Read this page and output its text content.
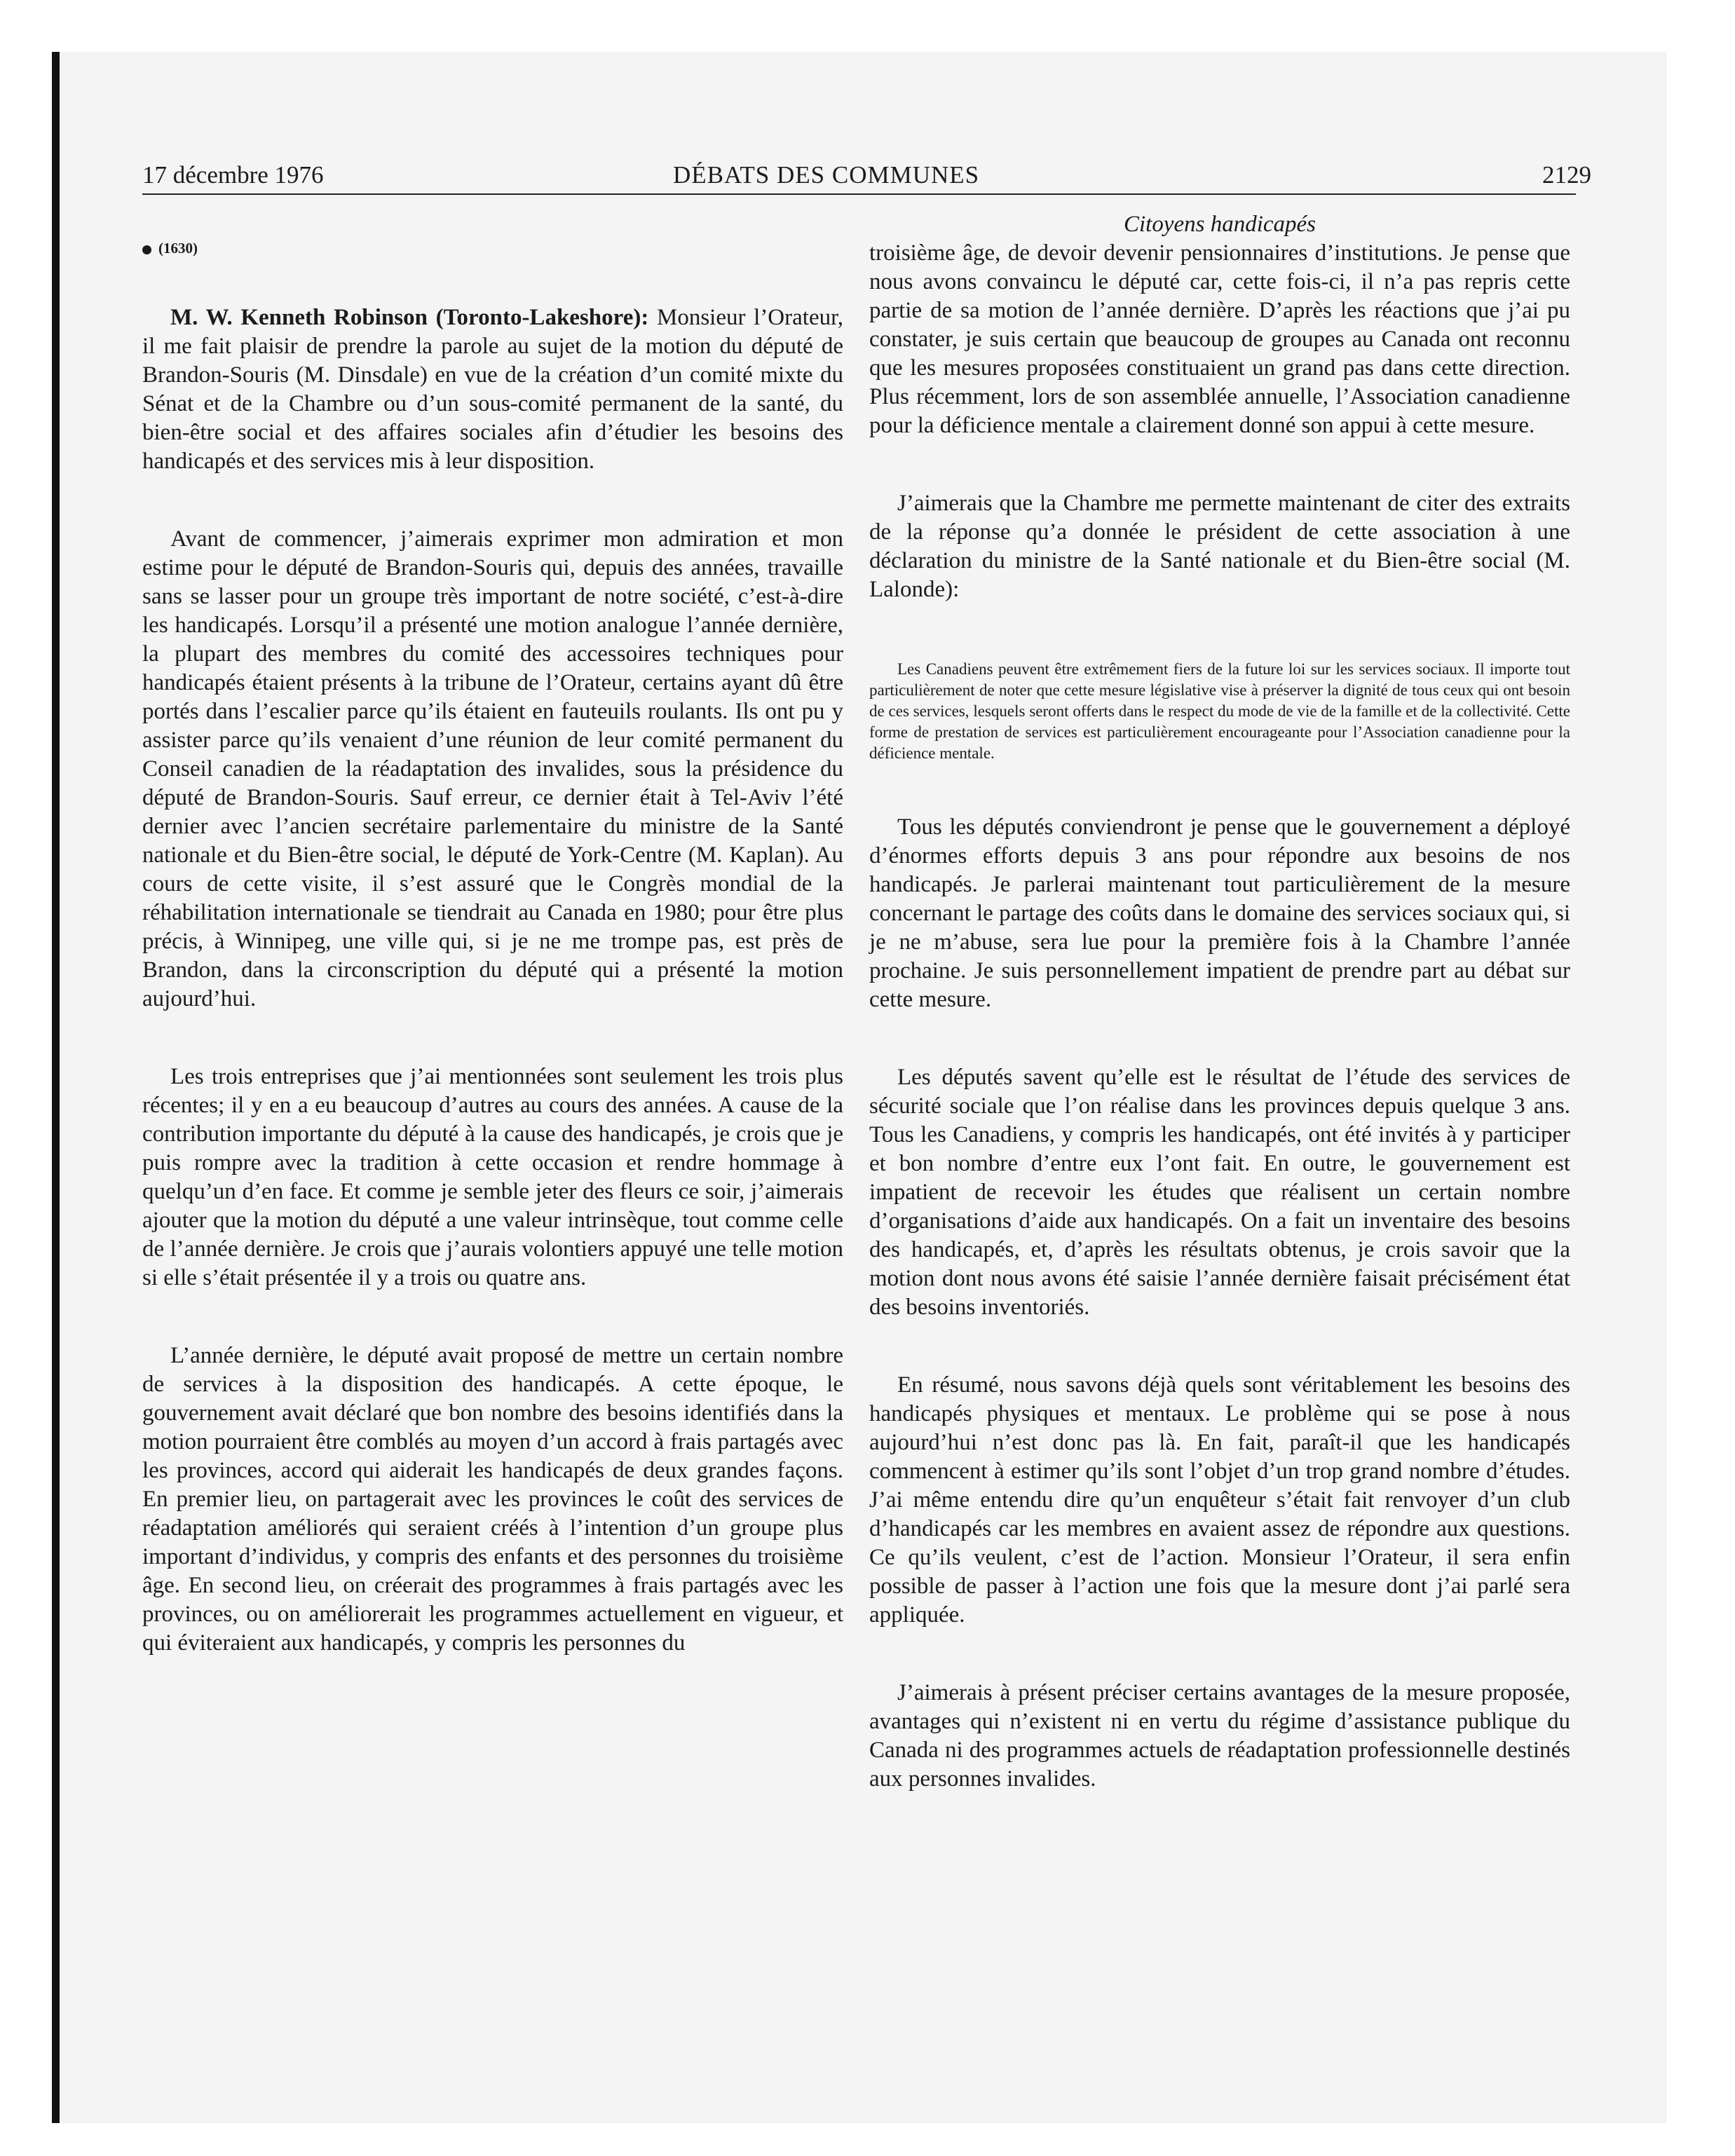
17 décembre 1976	DÉBATS DES COMMUNES	2129
(1630)

M. W. Kenneth Robinson (Toronto-Lakeshore): Monsieur l’Orateur, il me fait plaisir de prendre la parole au sujet de la motion du député de Brandon-Souris (M. Dinsdale) en vue de la création d’un comité mixte du Sénat et de la Chambre ou d’un sous-comité permanent de la santé, du bien-être social et des affaires sociales afin d’étudier les besoins des handicapés et des services mis à leur disposition.

Avant de commencer, j’aimerais exprimer mon admiration et mon estime pour le député de Brandon-Souris qui, depuis des années, travaille sans se lasser pour un groupe très important de notre société, c’est-à-dire les handicapés. Lorsqu’il a présenté une motion analogue l’année dernière, la plupart des membres du comité des accessoires techniques pour handicapés étaient présents à la tribune de l’Orateur, certains ayant dû être portés dans l’escalier parce qu’ils étaient en fauteuils roulants. Ils ont pu y assister parce qu’ils venaient d’une réunion de leur comité permanent du Conseil canadien de la réadaptation des invalides, sous la présidence du député de Brandon-Souris. Sauf erreur, ce dernier était à Tel-Aviv l’été dernier avec l’ancien secrétaire parlementaire du ministre de la Santé nationale et du Bien-être social, le député de York-Centre (M. Kaplan). Au cours de cette visite, il s’est assuré que le Congrès mondial de la réhabilitation internationale se tiendrait au Canada en 1980; pour être plus précis, à Winnipeg, une ville qui, si je ne me trompe pas, est près de Brandon, dans la circonscription du député qui a présenté la motion aujourd’hui.

Les trois entreprises que j’ai mentionnées sont seulement les trois plus récentes; il y en a eu beaucoup d’autres au cours des années. A cause de la contribution importante du député à la cause des handicapés, je crois que je puis rompre avec la tradition à cette occasion et rendre hommage à quelqu’un d’en face. Et comme je semble jeter des fleurs ce soir, j’aimerais ajouter que la motion du député a une valeur intrinsèque, tout comme celle de l’année dernière. Je crois que j’aurais volontiers appuyé une telle motion si elle s’était présentée il y a trois ou quatre ans.

L’année dernière, le député avait proposé de mettre un certain nombre de services à la disposition des handicapés. A cette époque, le gouvernement avait déclaré que bon nombre des besoins identifiés dans la motion pourraient être comblés au moyen d’un accord à frais partagés avec les provinces, accord qui aiderait les handicapés de deux grandes façons. En premier lieu, on partagerait avec les provinces le coût des services de réadaptation améliorés qui seraient créés à l’intention d’un groupe plus important d’individus, y compris des enfants et des personnes du troisième âge. En second lieu, on créerait des programmes à frais partagés avec les provinces, ou on améliorerait les programmes actuellement en vigueur, et qui éviteraient aux handicapés, y compris les personnes du

Citoyens handicapés

troisième âge, de devoir devenir pensionnaires d’institutions. Je pense que nous avons convaincu le député car, cette fois-ci, il n’a pas repris cette partie de sa motion de l’année dernière. D’après les réactions que j’ai pu constater, je suis certain que beaucoup de groupes au Canada ont reconnu que les mesures proposées constituaient un grand pas dans cette direction. Plus récemment, lors de son assemblée annuelle, l’Association canadienne pour la déficience mentale a clairement donné son appui à cette mesure.

J’aimerais que la Chambre me permette maintenant de citer des extraits de la réponse qu’a donnée le président de cette association à une déclaration du ministre de la Santé nationale et du Bien-être social (M. Lalonde):

Les Canadiens peuvent être extrêmement fiers de la future loi sur les services sociaux. Il importe tout particulièrement de noter que cette mesure législative vise à préserver la dignité de tous ceux qui ont besoin de ces services, lesquels seront offerts dans le respect du mode de vie de la famille et de la collectivité. Cette forme de prestation de services est particulièrement encourageante pour l’Association canadienne pour la déficience mentale.

Tous les députés conviendront je pense que le gouvernement a déployé d’énormes efforts depuis 3 ans pour répondre aux besoins de nos handicapés. Je parlerai maintenant tout particulièrement de la mesure concernant le partage des coûts dans le domaine des services sociaux qui, si je ne m’abuse, sera lue pour la première fois à la Chambre l’année prochaine. Je suis personnellement impatient de prendre part au débat sur cette mesure.

Les députés savent qu’elle est le résultat de l’étude des services de sécurité sociale que l’on réalise dans les provinces depuis quelque 3 ans. Tous les Canadiens, y compris les handicapés, ont été invités à y participer et bon nombre d’entre eux l’ont fait. En outre, le gouvernement est impatient de recevoir les études que réalisent un certain nombre d’organisations d’aide aux handicapés. On a fait un inventaire des besoins des handicapés, et, d’après les résultats obtenus, je crois savoir que la motion dont nous avons été saisie l’année dernière faisait précisément état des besoins inventoriés.

En résumé, nous savons déjà quels sont véritablement les besoins des handicapés physiques et mentaux. Le problème qui se pose à nous aujourd’hui n’est donc pas là. En fait, paraît-il que les handicapés commencent à estimer qu’ils sont l’objet d’un trop grand nombre d’études. J’ai même entendu dire qu’un enquêteur s’était fait renvoyer d’un club d’handicapés car les membres en avaient assez de répondre aux questions. Ce qu’ils veulent, c’est de l’action. Monsieur l’Orateur, il sera enfin possible de passer à l’action une fois que la mesure dont j’ai parlé sera appliquée.

J’aimerais à présent préciser certains avantages de la mesure proposée, avantages qui n’existent ni en vertu du régime d’assistance publique du Canada ni des programmes actuels de réadaptation professionnelle destinés aux personnes invalides.
